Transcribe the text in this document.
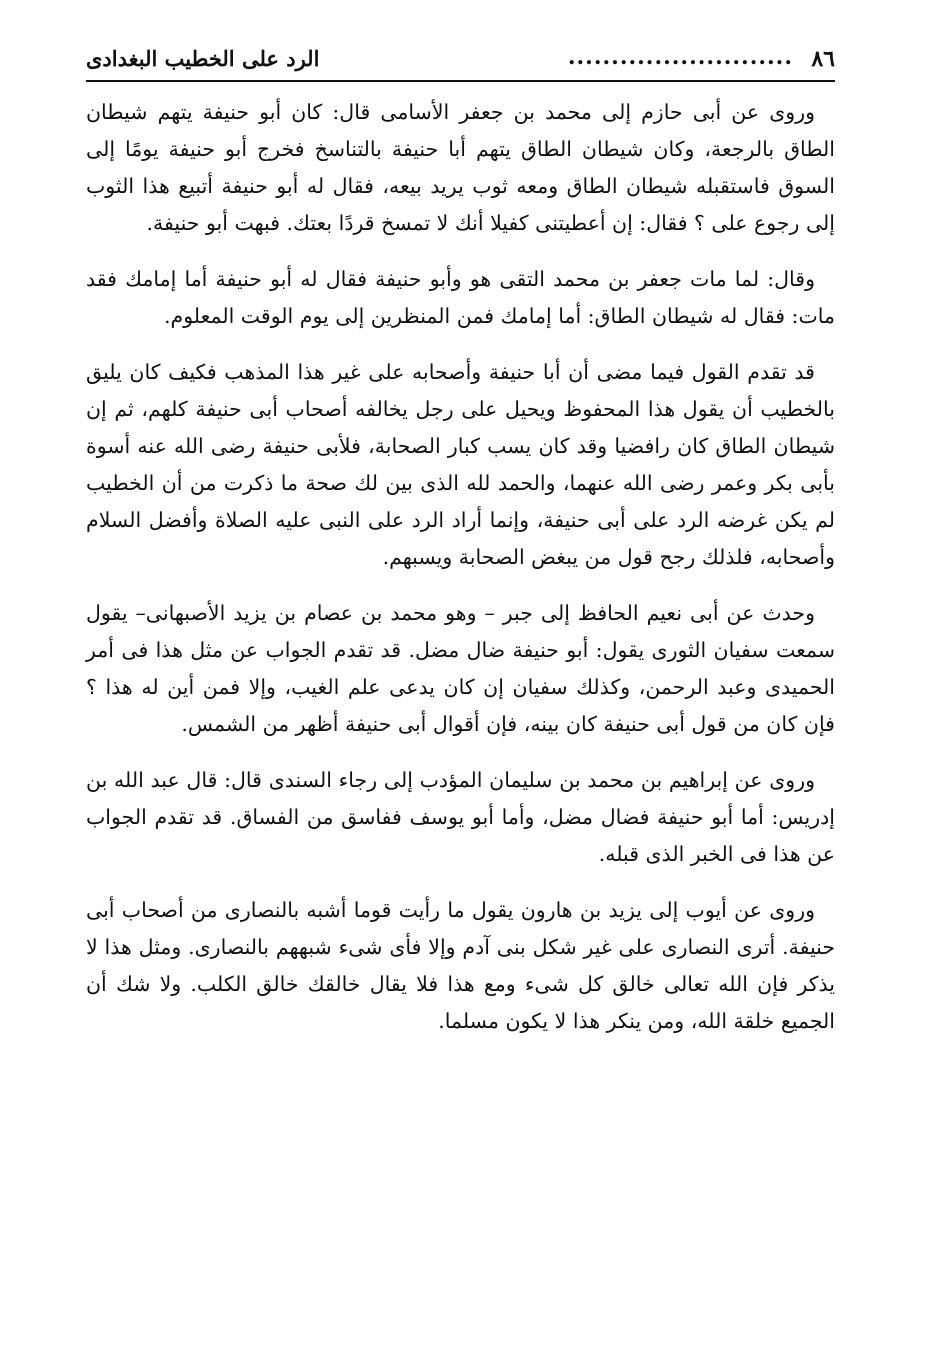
٨٦
..........................
الرد على الخطيب البغدادى

وروى عن أبى حازم إلى محمد بن جعفر الأسامى قال: كان أبو حنيفة يتهم شيطان الطاق بالرجعة، وكان شيطان الطاق يتهم أبا حنيفة بالتناسخ فخرج أبو حنيفة يومًا إلى السوق فاستقبله شيطان الطاق ومعه ثوب يريد بيعه، فقال له أبو حنيفة أتبيع هذا الثوب إلى رجوع على ؟ فقال: إن أعطيتنى كفيلا أنك لا تمسخ قردًا بعتك. فبهت أبو حنيفة.

وقال: لما مات جعفر بن محمد التقى هو وأبو حنيفة فقال له أبو حنيفة أما إمامك فقد مات: فقال له شيطان الطاق: أما إمامك فمن المنظرين إلى يوم الوقت المعلوم.

قد تقدم القول فيما مضى أن أبا حنيفة وأصحابه على غير هذا المذهب فكيف كان يليق بالخطيب أن يقول هذا المحفوظ ويحيل على رجل يخالفه أصحاب أبى حنيفة كلهم، ثم إن شيطان الطاق كان رافضيا وقد كان يسب كبار الصحابة، فلأبى حنيفة رضى الله عنه أسوة بأبى بكر وعمر رضى الله عنهما، والحمد لله الذى بين لك صحة ما ذكرت من أن الخطيب لم يكن غرضه الرد على أبى حنيفة، وإنما أراد الرد على النبى عليه الصلاة وأفضل السلام وأصحابه، فلذلك رجح قول من يبغض الصحابة ويسبهم.

وحدث عن أبى نعيم الحافظ إلى جبر – وهو محمد بن عصام بن يزيد الأصبهانى– يقول سمعت سفيان الثورى يقول: أبو حنيفة ضال مضل. قد تقدم الجواب عن مثل هذا فى أمر الحميدى وعبد الرحمن، وكذلك سفيان إن كان يدعى علم الغيب، وإلا فمن أين له هذا ؟ فإن كان من قول أبى حنيفة كان بينه، فإن أقوال أبى حنيفة أظهر من الشمس.

وروى عن إبراهيم بن محمد بن سليمان المؤدب إلى رجاء السندى قال: قال عبد الله بن إدريس: أما أبو حنيفة فضال مضل، وأما أبو يوسف ففاسق من الفساق. قد تقدم الجواب عن هذا فى الخبر الذى قبله.

وروى عن أيوب إلى يزيد بن هارون يقول ما رأيت قوما أشبه بالنصارى من أصحاب أبى حنيفة. أترى النصارى على غير شكل بنى آدم وإلا فأى شىء شبههم بالنصارى. ومثل هذا لا يذكر فإن الله تعالى خالق كل شىء ومع هذا فلا يقال خالقك خالق الكلب. ولا شك أن الجميع خلقة الله، ومن ينكر هذا لا يكون مسلما.
